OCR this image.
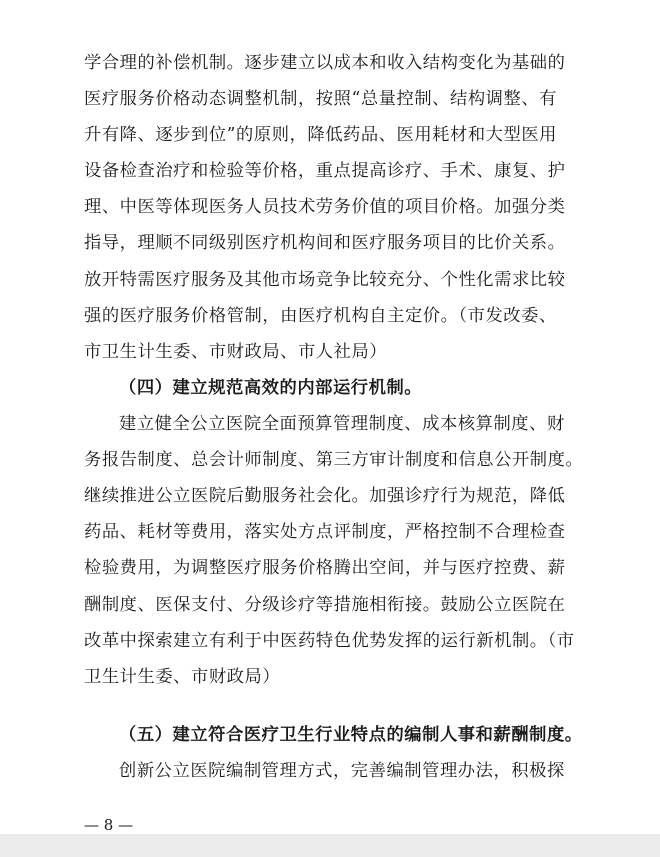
学合理的补偿机制。逐步建立以成本和收入结构变化为基础的
医疗服务价格动态调整机制，按照“总量控制、结构调整、有
升有降、逐步到位”的原则，降低药品、医用耗材和大型医用
设备检查治疗和检验等价格，重点提高诊疗、手术、康复、护
理、中医等体现医务人员技术劳务价值的项目价格。加强分类
指导，理顺不同级别医疗机构间和医疗服务项目的比价关系。
放开特需医疗服务及其他市场竞争比较充分、个性化需求比较
强的医疗服务价格管制，由医疗机构自主定价。（市发改委、
市卫生计生委、市财政局、市人社局）
（四）建立规范高效的内部运行机制。
建立健全公立医院全面预算管理制度、成本核算制度、财
务报告制度、总会计师制度、第三方审计制度和信息公开制度。
继续推进公立医院后勤服务社会化。加强诊疗行为规范，降低
药品、耗材等费用，落实处方点评制度，严格控制不合理检查
检验费用，为调整医疗服务价格腾出空间，并与医疗控费、薪
酬制度、医保支付、分级诊疗等措施相衔接。鼓励公立医院在
改革中探索建立有利于中医药特色优势发挥的运行新机制。（市
卫生计生委、市财政局）
（五）建立符合医疗卫生行业特点的编制人事和薪酬制度。
创新公立医院编制管理方式，完善编制管理办法，积极探
— 8 —
